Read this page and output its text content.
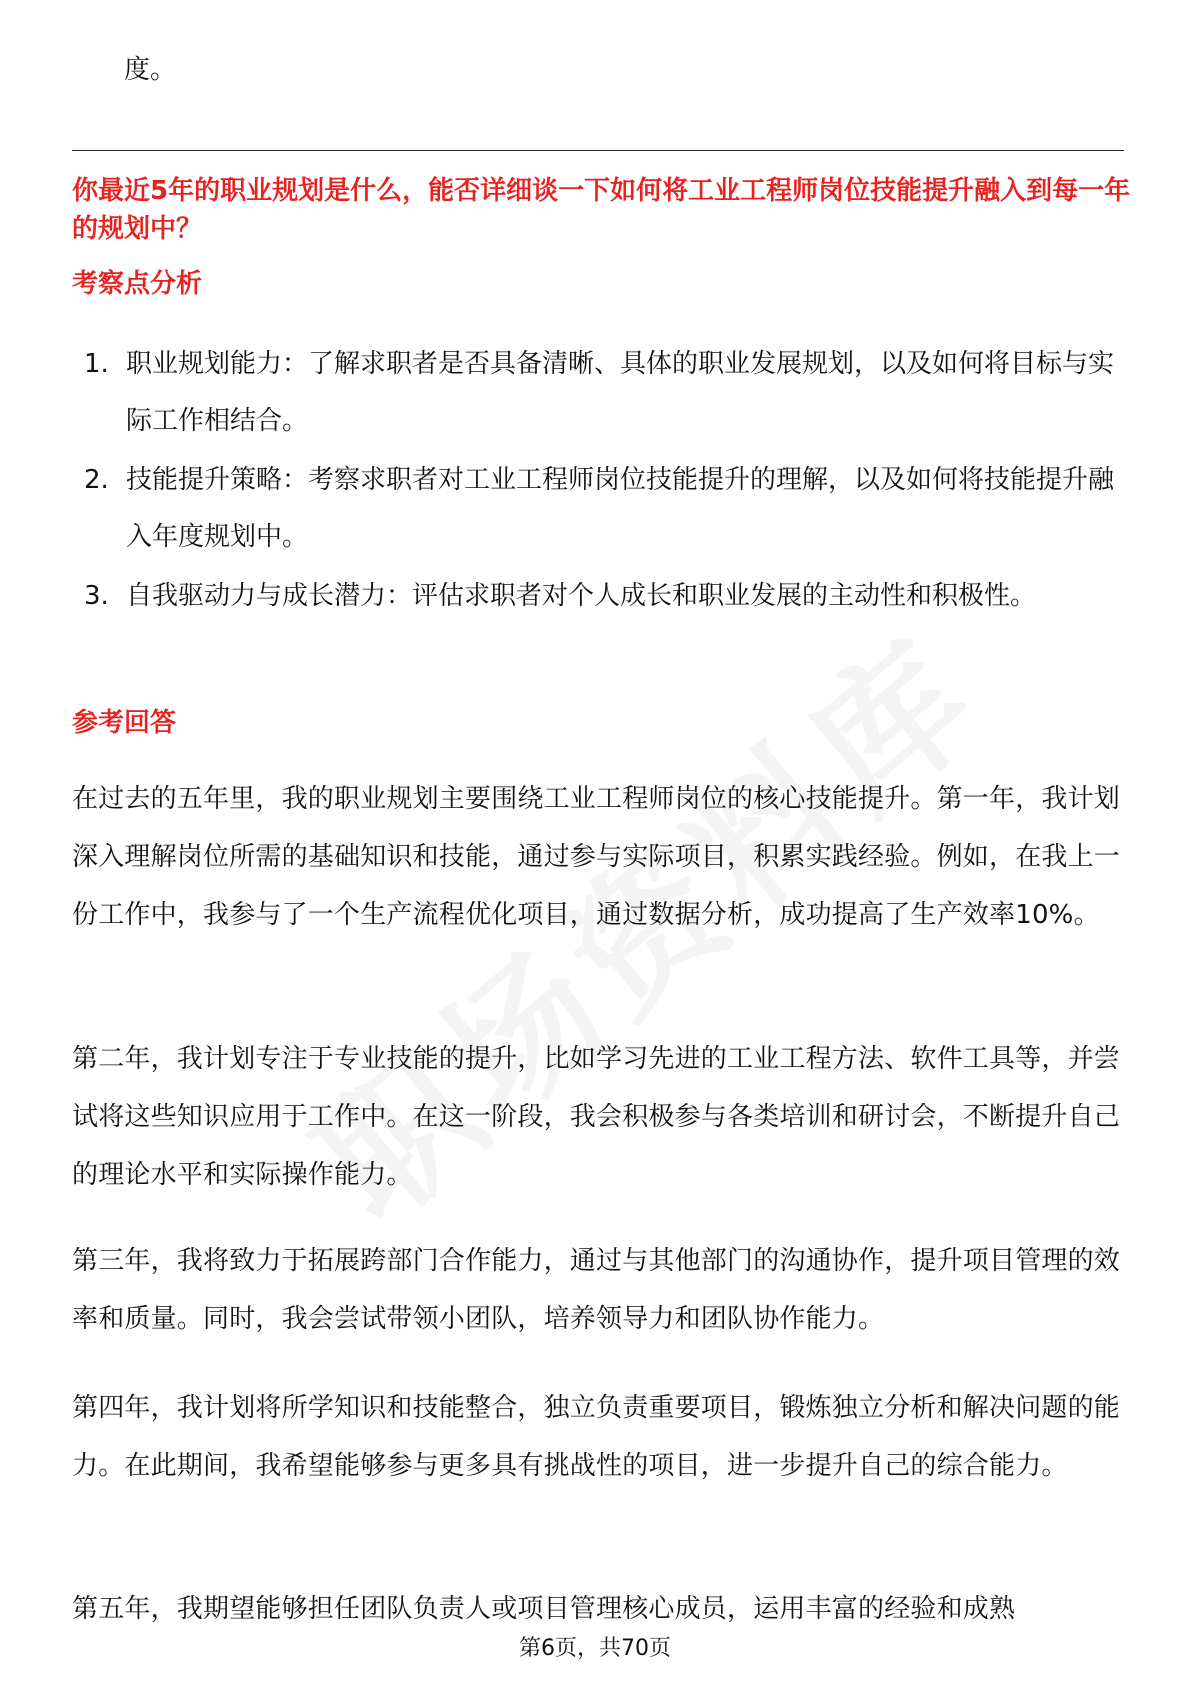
度。
你最近5年的职业规划是什么，能否详细谈一下如何将工业工程师岗位技能提升融入到每一年的规划中？
考察点分析
1. 职业规划能力：了解求职者是否具备清晰、具体的职业发展规划，以及如何将目标与实际工作相结合。
2. 技能提升策略：考察求职者对工业工程师岗位技能提升的理解，以及如何将技能提升融入年度规划中。
3. 自我驱动力与成长潜力：评估求职者对个人成长和职业发展的主动性和积极性。
参考回答

在过去的五年里，我的职业规划主要围绕工业工程师岗位的核心技能提升。第一年，我计划深入理解岗位所需的基础知识和技能，通过参与实际项目，积累实践经验。例如，在我上一份工作中，我参与了一个生产流程优化项目，通过数据分析，成功提高了生产效率10%。

第二年，我计划专注于专业技能的提升，比如学习先进的工业工程方法、软件工具等，并尝试将这些知识应用于工作中。在这一阶段，我会积极参与各类培训和研讨会，不断提升自己的理论水平和实际操作能力。

第三年，我将致力于拓展跨部门合作能力，通过与其他部门的沟通协作，提升项目管理的效率和质量。同时，我会尝试带领小团队，培养领导力和团队协作能力。

第四年，我计划将所学知识和技能整合，独立负责重要项目，锻炼独立分析和解决问题的能力。在此期间，我希望能够参与更多具有挑战性的项目，进一步提升自己的综合能力。

第五年，我期望能够担任团队负责人或项目管理核心成员，运用丰富的经验和成熟

第6页，共70页
